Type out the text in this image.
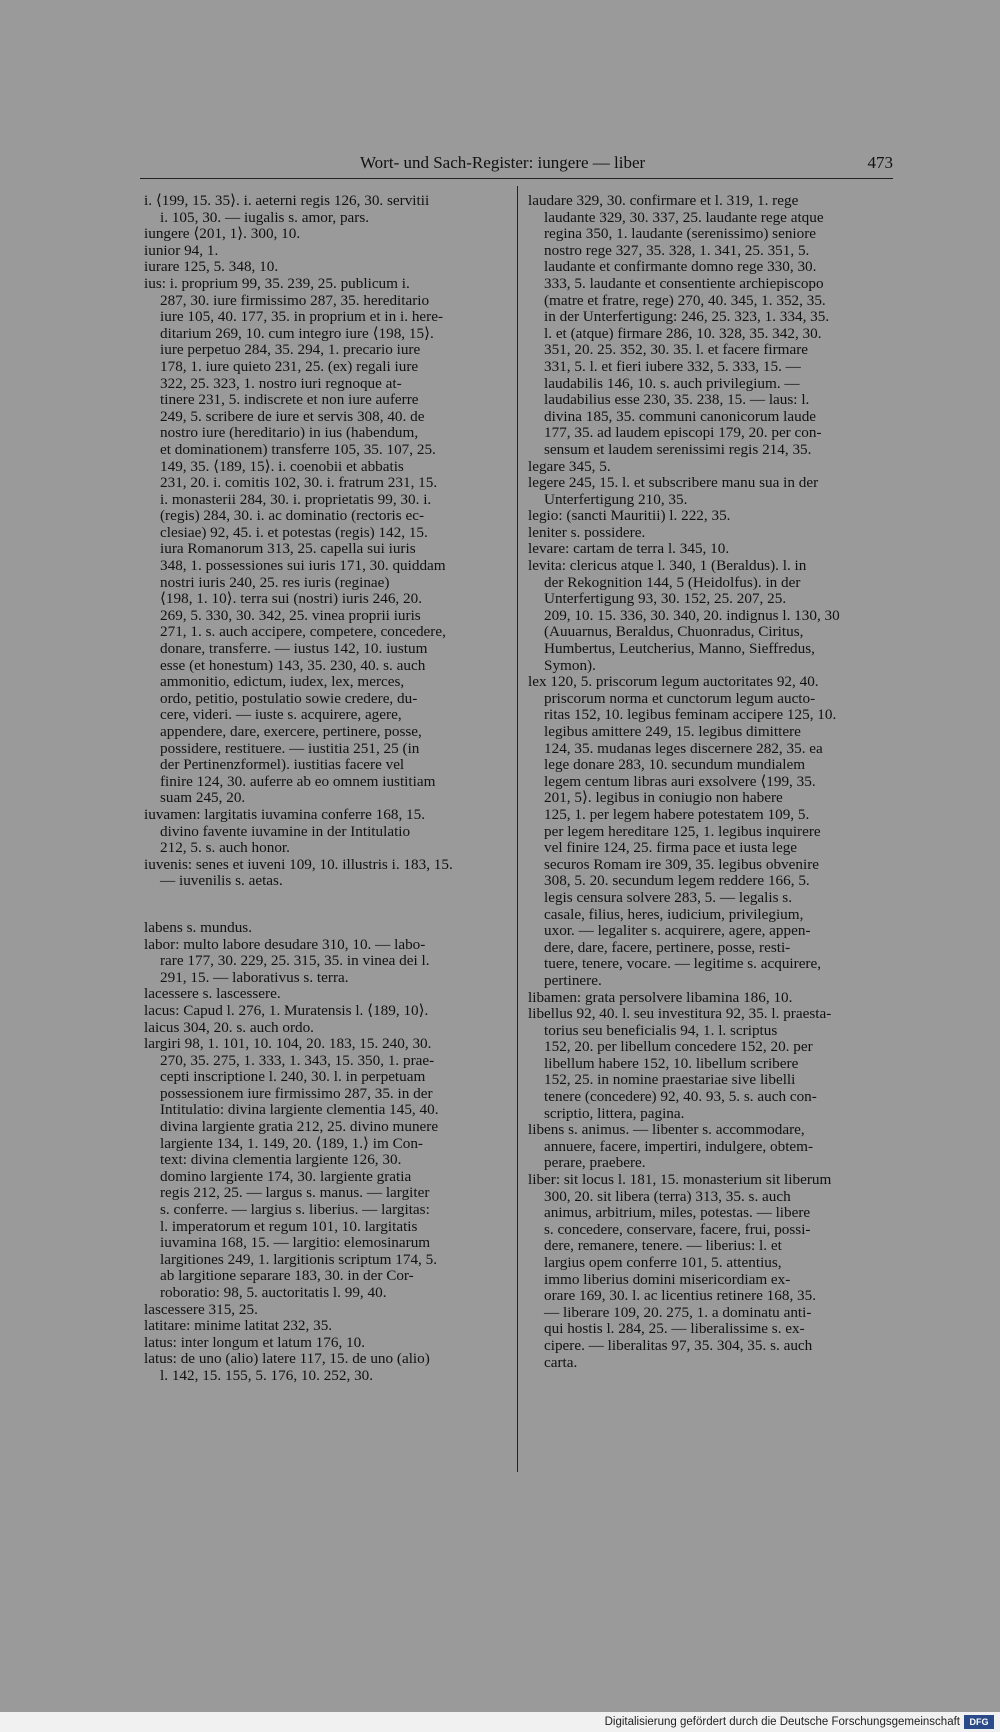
Wort- und Sach-Register: iungere — liber	473

i. ⟨199, 15. 35⟩. i. aeterni regis 126, 30. servitii
i. 105, 30. — iugalis s. amor, pars.

iungere ⟨201, 1⟩. 300, 10.

iunior 94, 1.

iurare 125, 5. 348, 10.

ius: i. proprium 99, 35. 239, 25. publicum i.
287, 30. iure firmissimo 287, 35. hereditario
iure 105, 40. 177, 35. in proprium et in i. here-
ditarium 269, 10. cum integro iure ⟨198, 15⟩.
iure perpetuo 284, 35. 294, 1. precario iure
178, 1. iure quieto 231, 25. (ex) regali iure
322, 25. 323, 1. nostro iuri regnoque at-
tinere 231, 5. indiscrete et non iure auferre
249, 5. scribere de iure et servis 308, 40. de
nostro iure (hereditario) in ius (habendum,
et dominationem) transferre 105, 35. 107, 25.
149, 35. ⟨189, 15⟩. i. coenobii et abbatis
231, 20. i. comitis 102, 30. i. fratrum 231, 15.
i. monasterii 284, 30. i. proprietatis 99, 30. i.
(regis) 284, 30. i. ac dominatio (rectoris ec-
clesiae) 92, 45. i. et potestas (regis) 142, 15.
iura Romanorum 313, 25. capella sui iuris
348, 1. possessiones sui iuris 171, 30. quiddam
nostri iuris 240, 25. res iuris (reginae)
⟨198, 1. 10⟩. terra sui (nostri) iuris 246, 20.
269, 5. 330, 30. 342, 25. vinea proprii iuris
271, 1. s. auch accipere, competere, concedere,
donare, transferre. — iustus 142, 10. iustum
esse (et honestum) 143, 35. 230, 40. s. auch
ammonitio, edictum, iudex, lex, merces,
ordo, petitio, postulatio sowie credere, du-
cere, videri. — iuste s. acquirere, agere,
appendere, dare, exercere, pertinere, posse,
possidere, restituere. — iustitia 251, 25 (in
der Pertinenzformel). iustitias facere vel
finire 124, 30. auferre ab eo omnem iustitiam
suam 245, 20.

iuvamen: largitatis iuvamina conferre 168, 15.
divino favente iuvamine in der Intitulatio
212, 5. s. auch honor.

iuvenis: senes et iuveni 109, 10. illustris i. 183, 15.
— iuvenilis s. aetas.

labens s. mundus.

labor: multo labore desudare 310, 10. — labo-
rare 177, 30. 229, 25. 315, 35. in vinea dei l.
291, 15. — laborativus s. terra.

lacessere s. lascessere.

lacus: Capud l. 276, 1. Muratensis l. ⟨189, 10⟩.

laicus 304, 20. s. auch ordo.

largiri 98, 1. 101, 10. 104, 20. 183, 15. 240, 30.
270, 35. 275, 1. 333, 1. 343, 15. 350, 1. prae-
cepti inscriptione l. 240, 30. l. in perpetuam
possessionem iure firmissimo 287, 35. in der
Intitulatio: divina largiente clementia 145, 40.
divina largiente gratia 212, 25. divino munere
largiente 134, 1. 149, 20. ⟨189, 1.⟩ im Con-
text: divina clementia largiente 126, 30.
domino largiente 174, 30. largiente gratia
regis 212, 25. — largus s. manus. — largiter
s. conferre. — largius s. liberius. — largitas:
l. imperatorum et regum 101, 10. largitatis
iuvamina 168, 15. — largitio: elemosinarum
largitiones 249, 1. largitionis scriptum 174, 5.
ab largitione separare 183, 30. in der Cor-
roboratio: 98, 5. auctoritatis l. 99, 40.

lascessere 315, 25.

latitare: minime latitat 232, 35.

latus: inter longum et latum 176, 10.

latus: de uno (alio) latere 117, 15. de uno (alio)
l. 142, 15. 155, 5. 176, 10. 252, 30.

laudare 329, 30. confirmare et l. 319, 1. rege
laudante 329, 30. 337, 25. laudante rege atque
regina 350, 1. laudante (serenissimo) seniore
nostro rege 327, 35. 328, 1. 341, 25. 351, 5.
laudante et confirmante domno rege 330, 30.
333, 5. laudante et consentiente archiepiscopo
(matre et fratre, rege) 270, 40. 345, 1. 352, 35.
in der Unterfertigung: 246, 25. 323, 1. 334, 35.
l. et (atque) firmare 286, 10. 328, 35. 342, 30.
351, 20. 25. 352, 30. 35. l. et facere firmare
331, 5. l. et fieri iubere 332, 5. 333, 15. —
laudabilis 146, 10. s. auch privilegium. —
laudabilius esse 230, 35. 238, 15. — laus: l.
divina 185, 35. communi canonicorum laude
177, 35. ad laudem episcopi 179, 20. per con-
sensum et laudem serenissimi regis 214, 35.

legare 345, 5.

legere 245, 15. l. et subscribere manu sua in der
Unterfertigung 210, 35.

legio: (sancti Mauritii) l. 222, 35.

leniter s. possidere.

levare: cartam de terra l. 345, 10.

levita: clericus atque l. 340, 1 (Beraldus). l. in
der Rekognition 144, 5 (Heidolfus). in der
Unterfertigung 93, 30. 152, 25. 207, 25.
209, 10. 15. 336, 30. 340, 20. indignus l. 130, 30
(Auuarnus, Beraldus, Chuonradus, Ciritus,
Humbertus, Leutcherius, Manno, Sieffredus,
Symon).

lex 120, 5. priscorum legum auctoritates 92, 40.
priscorum norma et cunctorum legum aucto-
ritas 152, 10. legibus feminam accipere 125, 10.
legibus amittere 249, 15. legibus dimittere
124, 35. mudanas leges discernere 282, 35. ea
lege donare 283, 10. secundum mundialem
legem centum libras auri exsolvere ⟨199, 35.
201, 5⟩. legibus in coniugio non habere
125, 1. per legem habere potestatem 109, 5.
per legem hereditare 125, 1. legibus inquirere
vel finire 124, 25. firma pace et iusta lege
securos Romam ire 309, 35. legibus obvenire
308, 5. 20. secundum legem reddere 166, 5.
legis censura solvere 283, 5. — legalis s.
casale, filius, heres, iudicium, privilegium,
uxor. — legaliter s. acquirere, agere, appen-
dere, dare, facere, pertinere, posse, resti-
tuere, tenere, vocare. — legitime s. acquirere,
pertinere.

libamen: grata persolvere libamina 186, 10.

libellus 92, 40. l. seu investitura 92, 35. l. praesta-
torius seu beneficialis 94, 1. l. scriptus
152, 20. per libellum concedere 152, 20. per
libellum habere 152, 10. libellum scribere
152, 25. in nomine praestariae sive libelli
tenere (concedere) 92, 40. 93, 5. s. auch con-
scriptio, littera, pagina.

libens s. animus. — libenter s. accommodare,
annuere, facere, impertiri, indulgere, obtem-
perare, praebere.

liber: sit locus l. 181, 15. monasterium sit liberum
300, 20. sit libera (terra) 313, 35. s. auch
animus, arbitrium, miles, potestas. — libere
s. concedere, conservare, facere, frui, possi-
dere, remanere, tenere. — liberius: l. et
largius opem conferre 101, 5. attentius,
immo liberius domini misericordiam ex-
orare 169, 30. l. ac licentius retinere 168, 35.
— liberare 109, 20. 275, 1. a dominatu anti-
qui hostis l. 284, 25. — liberalissime s. ex-
cipere. — liberalitas 97, 35. 304, 35. s. auch
carta.

Digitalisierung gefördert durch die Deutsche Forschungsgemeinschaft	DFG
